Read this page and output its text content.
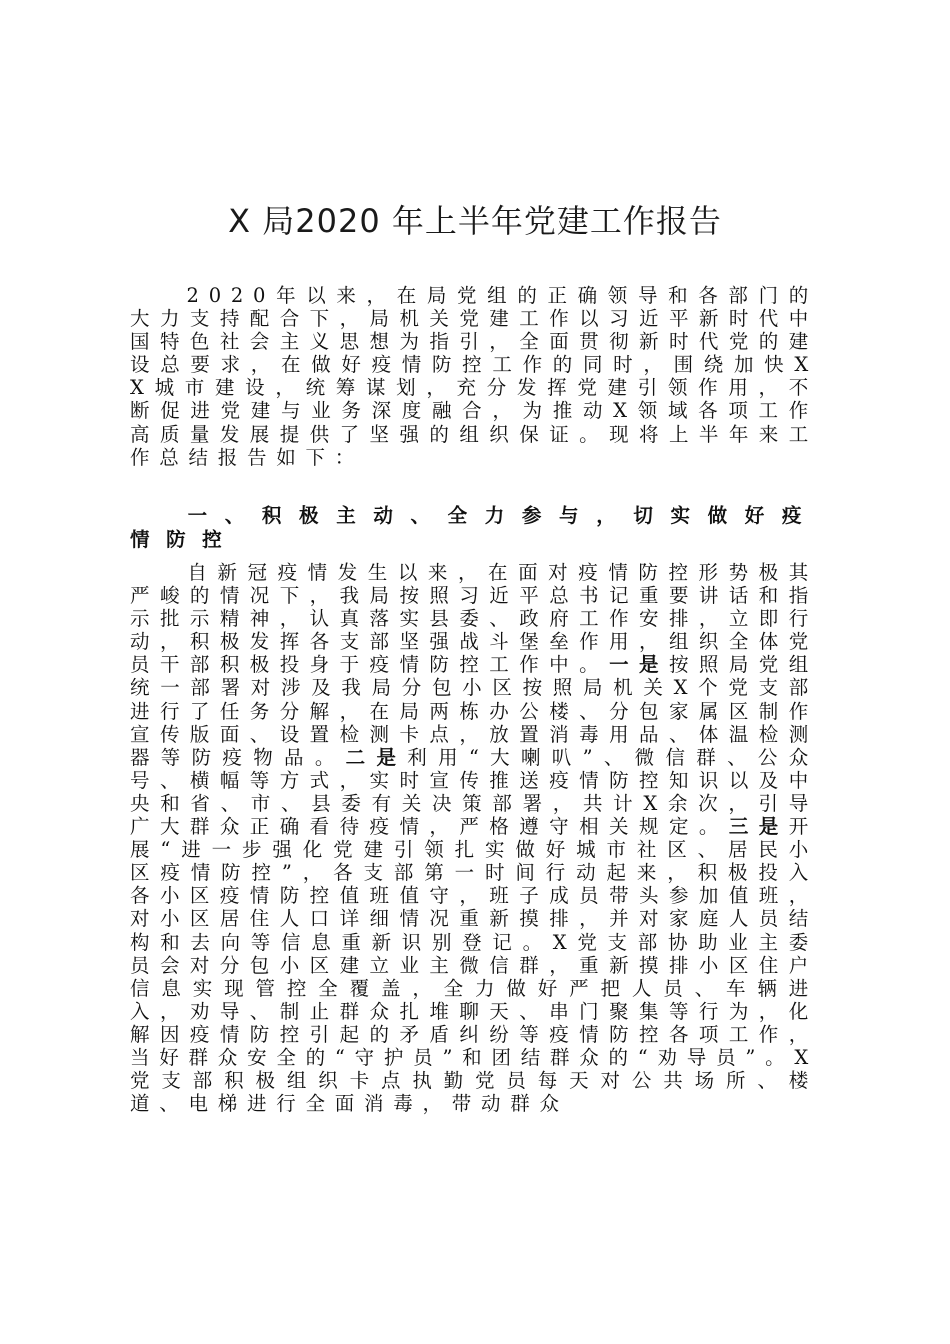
X 局2020 年上半年党建工作报告

2020年以来，在局党组的正确领导和各部门的大力支持配合下，局机关党建工作以习近平新时代中国特色社会主义思想为指引，全面贯彻新时代党的建设总要求，在做好疫情防控工作的同时，围绕加快XX城市建设，统筹谋划，充分发挥党建引领作用，不断促进党建与业务深度融合，为推动X领域各项工作高质量发展提供了坚强的组织保证。现将上半年来工作总结报告如下：

一、积极主动、全力参与，切实做好疫情防控

自新冠疫情发生以来，在面对疫情防控形势极其严峻的情况下，我局按照习近平总书记重要讲话和指示批示精神，认真落实县委、政府工作安排，立即行动，积极发挥各支部坚强战斗堡垒作用，组织全体党员干部积极投身于疫情防控工作中。一是按照局党组统一部署对涉及我局分包小区按照局机关X个党支部进行了任务分解，在局两栋办公楼、分包家属区制作宣传版面、设置检测卡点，放置消毒用品、体温检测器等防疫物品。二是利用“大喇叭”、微信群、公众号、横幅等方式，实时宣传推送疫情防控知识以及中央和省、市、县委有关决策部署，共计X余次，引导广大群众正确看待疫情，严格遵守相关规定。三是开展“进一步强化党建引领扎实做好城市社区、居民小区疫情防控”，各支部第一时间行动起来，积极投入各小区疫情防控值班值守，班子成员带头参加值班，对小区居住人口详细情况重新摸排，并对家庭人员结构和去向等信息重新识别登记。X党支部协助业主委员会对分包小区建立业主微信群，重新摸排小区住户信息实现管控全覆盖，全力做好严把人员、车辆进入，劝导、制止群众扎堆聊天、串门聚集等行为，化解因疫情防控引起的矛盾纠纷等疫情防控各项工作，当好群众安全的“守护员”和团结群众的“劝导员”。X党支部积极组织卡点执勤党员每天对公共场所、楼道、电梯进行全面消毒，带动群众
